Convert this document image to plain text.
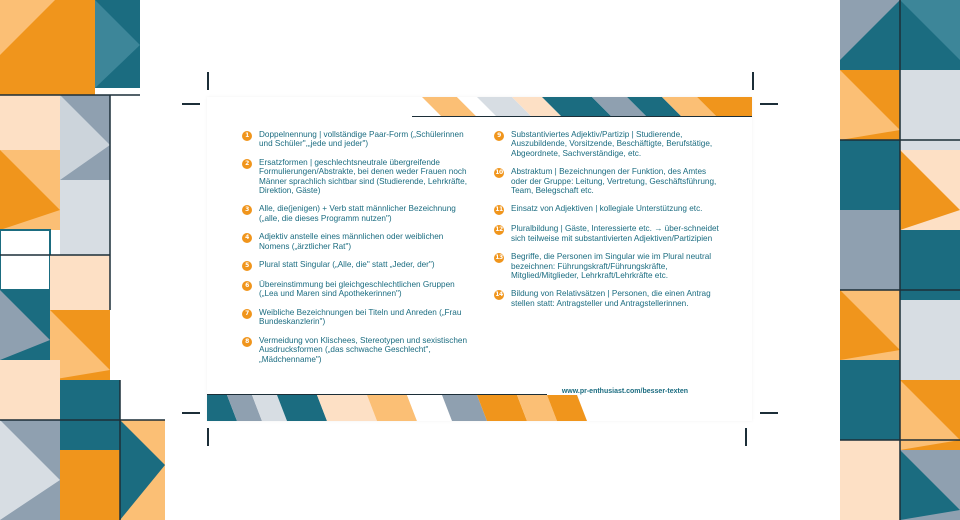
1	Doppelnennung | vollständige Paar-Form („Schülerinnen und Schüler",„jede und jeder")
2	Ersatzformen | geschlechtsneutrale übergreifende Formulierungen/Abstrakte, bei denen weder Frauen noch Männer sprachlich sichtbar sind (Studierende, Lehrkräfte, Direktion, Gäste)
3	Alle, die(jenigen) + Verb statt männlicher Bezeichnung („alle, die dieses Programm nutzen")
4	Adjektiv anstelle eines männlichen oder weiblichen Nomens („ärztlicher Rat")
5	Plural statt Singular („Alle, die" statt „Jeder, der")
6	Übereinstimmung bei gleichgeschlechtlichen Gruppen („Lea und Maren sind Apothekerinnen")
7	Weibliche Bezeichnungen bei Titeln und Anreden („Frau Bundeskanzlerin")
8	Vermeidung von Klischees, Stereotypen und sexistischen Ausdrucksformen („das schwache Geschlecht",„Mädchenname")
9	Substantiviertes Adjektiv/Partizip | Studierende, Auszubildende, Vorsitzende, Beschäftigte, Berufstätige, Abgeordnete, Sachverständige, etc.
10 Abstraktum | Bezeichnungen der Funktion, des Amtes oder der Gruppe: Leitung, Vertretung, Geschäftsführung, Team, Belegschaft etc.
11 Einsatz von Adjektiven | kollegiale Unterstützung etc.
12 Pluralbildung | Gäste, Interessierte etc. → über-schneidet sich teilweise mit substantivierten Adjektiven/Partizipien
13 Begriffe, die Personen im Singular wie im Plural neutral bezeichnen: Führungskraft/Führungskräfte, Mitglied/Mitglieder, Lehrkraft/Lehrkräfte etc.
14 Bildung von Relativsätzen | Personen, die einen Antrag stellen statt: Antragsteller und Antragstellerinnen.
www.pr-enthusiast.com/besser-texten
